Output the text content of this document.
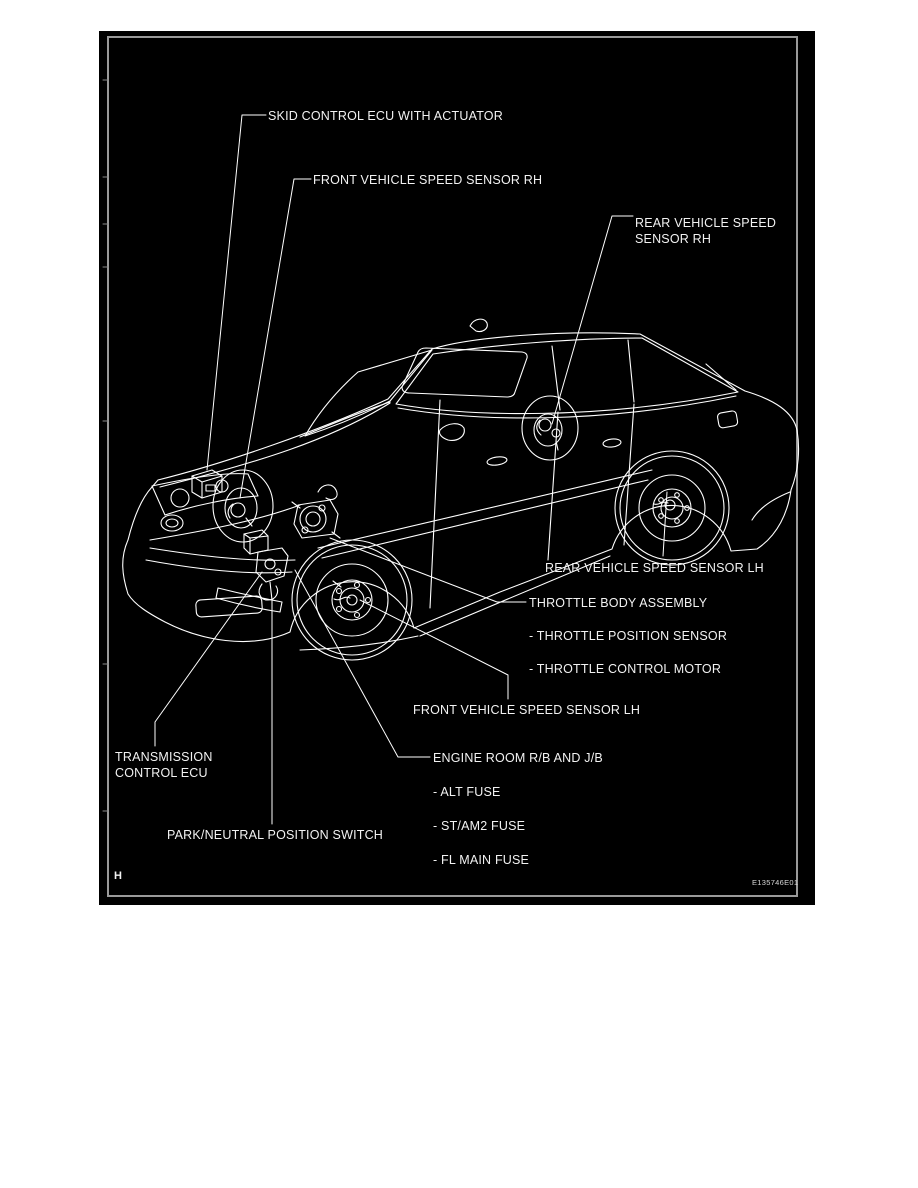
SKID CONTROL ECU WITH ACTUATOR
FRONT VEHICLE SPEED SENSOR RH
REAR VEHICLE SPEED
SENSOR RH
REAR VEHICLE SPEED SENSOR LH
THROTTLE BODY ASSEMBLY
- THROTTLE POSITION SENSOR
- THROTTLE CONTROL MOTOR
FRONT VEHICLE SPEED SENSOR LH
ENGINE ROOM R/B AND J/B
- ALT FUSE
- ST/AM2 FUSE
- FL MAIN FUSE
TRANSMISSION
CONTROL ECU
PARK/NEUTRAL POSITION SWITCH
H
E135746E01
